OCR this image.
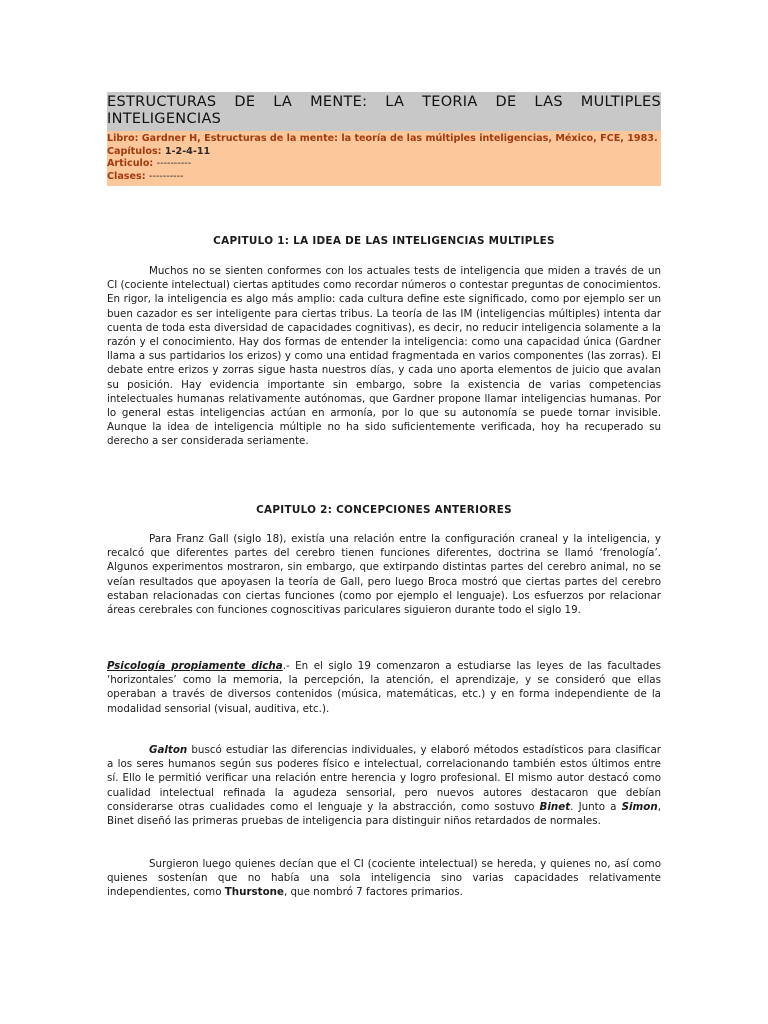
ESTRUCTURAS DE LA MENTE: LA TEORIA DE LAS MULTIPLES
INTELIGENCIAS
Libro: Gardner H, Estructuras de la mente: la teoría de las múltiples inteligencias, México, FCE, 1983.
Capítulos: 1-2-4-11
Articulo: ----------
Clases: ----------
CAPITULO 1: LA IDEA DE LAS INTELIGENCIAS MULTIPLES

Muchos no se sienten conformes con los actuales tests de inteligencia que miden a través de un CI (cociente intelectual) ciertas aptitudes como recordar números o contestar preguntas de conocimientos. En rigor, la inteligencia es algo más amplio: cada cultura define este significado, como por ejemplo ser un buen cazador es ser inteligente para ciertas tribus. La teoría de las IM (inteligencias múltiples) intenta dar cuenta de toda esta diversidad de capacidades cognitivas), es decir, no reducir inteligencia solamente a la razón y el conocimiento. Hay dos formas de entender la inteligencia: como una capacidad única (Gardner llama a sus partidarios los erizos) y como una entidad fragmentada en varios componentes (las zorras). El debate entre erizos y zorras sigue hasta nuestros días, y cada uno aporta elementos de juicio que avalan su posición. Hay evidencia importante sin embargo, sobre la existencia de varias competencias intelectuales humanas relativamente autónomas, que Gardner propone llamar inteligencias humanas. Por lo general estas inteligencias actúan en armonía, por lo que su autonomía se puede tornar invisible. Aunque la idea de inteligencia múltiple no ha sido suficientemente verificada, hoy ha recuperado su derecho a ser considerada seriamente.

CAPITULO 2: CONCEPCIONES ANTERIORES

Para Franz Gall (siglo 18), existía una relación entre la configuración craneal y la inteligencia, y recalcó que diferentes partes del cerebro tienen funciones diferentes, doctrina se llamó ‘frenología’. Algunos experimentos mostraron, sin embargo, que extirpando distintas partes del cerebro animal, no se veían resultados que apoyasen la teoría de Gall, pero luego Broca mostró que ciertas partes del cerebro estaban relacionadas con ciertas funciones (como por ejemplo el lenguaje). Los esfuerzos por relacionar áreas cerebrales con funciones cognoscitivas pariculares siguieron durante todo el siglo 19.

Psicología propiamente dicha.- En el siglo 19 comenzaron a estudiarse las leyes de las facultades ‘horizontales’ como la memoria, la percepción, la atención, el aprendizaje, y se consideró que ellas operaban a través de diversos contenidos (música, matemáticas, etc.) y en forma independiente de la modalidad sensorial (visual, auditiva, etc.).

Galton buscó estudiar las diferencias individuales, y elaboró métodos estadísticos para clasificar a los seres humanos según sus poderes físico e intelectual, correlacionando también estos últimos entre sí. Ello le permitió verificar una relación entre herencia y logro profesional. El mismo autor destacó como cualidad intelectual refinada la agudeza sensorial, pero nuevos autores destacaron que debían considerarse otras cualidades como el lenguaje y la abstracción, como sostuvo Binet. Junto a Simon, Binet diseñó las primeras pruebas de inteligencia para distinguir niños retardados de normales.

Surgieron luego quienes decían que el CI (cociente intelectual) se hereda, y quienes no, así como quienes sostenían que no había una sola inteligencia sino varias capacidades relativamente independientes, como Thurstone, que nombró 7 factores primarios.
